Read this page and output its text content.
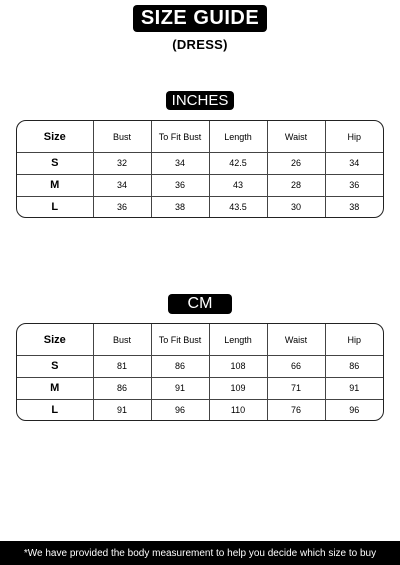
SIZE GUIDE
(DRESS)
INCHES
Size	Bust	To Fit Bust	Length	Waist	Hip
S	32	34	42.5	26	34
M	34	36	43	28	36
L	36	38	43.5	30	38
CM
Size	Bust	To Fit Bust	Length	Waist	Hip
S	81	86	108	66	86
M	86	91	109	71	91
L	91	96	110	76	96
*We have provided the body measurement to help you decide which size to buy
